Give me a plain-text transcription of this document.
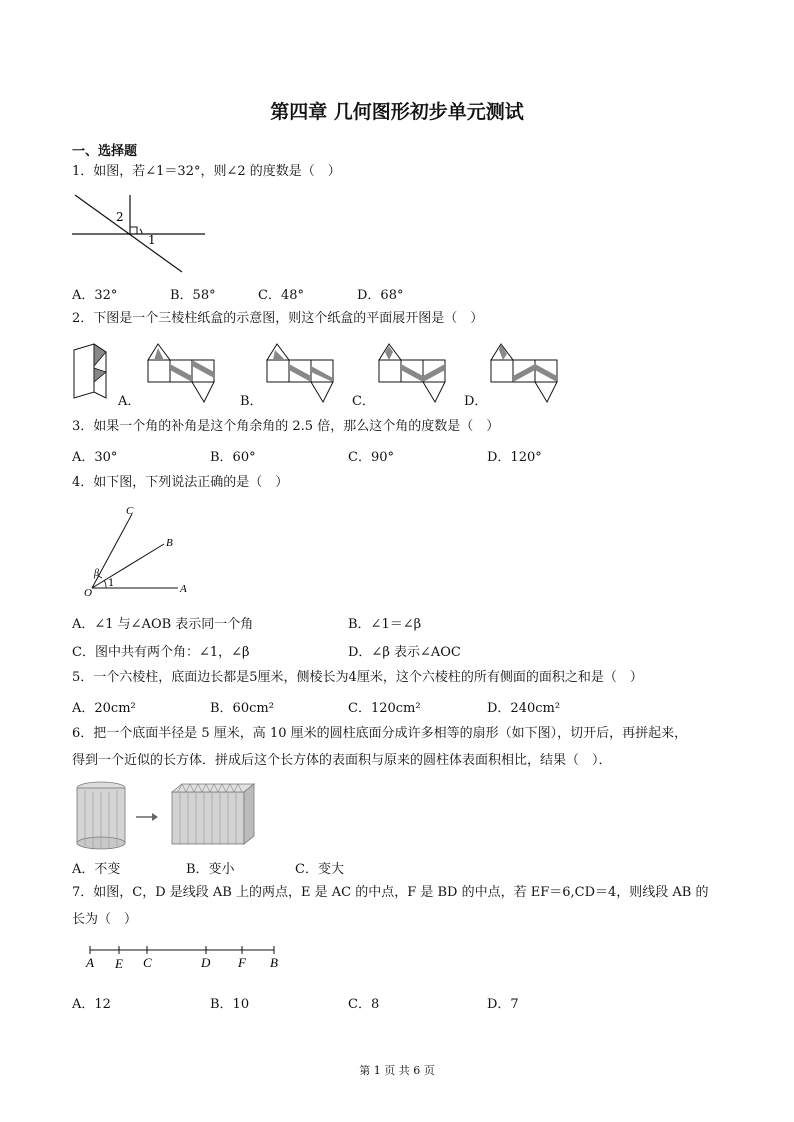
第四章 几何图形初步单元测试
一、选择题
1．如图，若∠1＝32°，则∠2 的度数是（　）
2
1
A．32°	B．58°	C．48°	D．68°
2．下图是一个三棱柱纸盒的示意图，则这个纸盒的平面展开图是（　）
A．	B．	C．	D．
3．如果一个角的补角是这个角余角的 2.5 倍，那么这个角的度数是（　）
A．30°	B．60°	C．90°	D．120°
4．如下图，下列说法正确的是（　）
C
B
β
1
O	A
A．∠1 与∠AOB 表示同一个角	B．∠1＝∠β
C．图中共有两个角：∠1，∠β	D．∠β 表示∠AOC
5．一个六棱柱，底面边长都是5厘米，侧棱长为4厘米，这个六棱柱的所有侧面的面积之和是（　）
A．20cm²	B．60cm²	C．120cm²	D．240cm²
6．把一个底面半径是 5 厘米，高 10 厘米的圆柱底面分成许多相等的扇形（如下图），切开后，再拼起来，
得到一个近似的长方体．拼成后这个长方体的表面积与原来的圆柱体表面积相比，结果（　）．
A．不变	B．变小	C．变大
7．如图，C，D 是线段 AB 上的两点，E 是 AC 的中点，F 是 BD 的中点，若 EF＝6,CD＝4，则线段 AB 的
长为（　）
A E C	D F B
A．12	B．10	C．8	D．7
第 1 页 共 6 页
